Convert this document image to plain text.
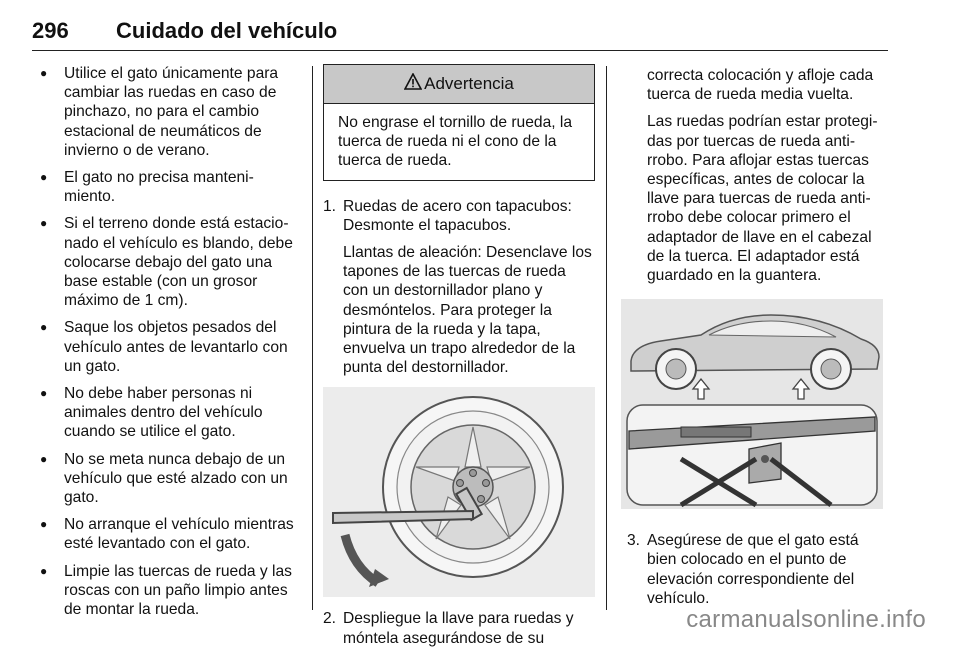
296 Cuidado del vehículo
● Utilice el gato únicamente para cambiar las ruedas en caso de pinchazo, no para el cambio estacional de neumáticos de invierno o de verano.
● El gato no precisa manteni-miento.
● Si el terreno donde está estacio-nado el vehículo es blando, debe colocarse debajo del gato una base estable (con un grosor máximo de 1 cm).
● Saque los objetos pesados del vehículo antes de levantarlo con un gato.
● No debe haber personas ni animales dentro del vehículo cuando se utilice el gato.
● No se meta nunca debajo de un vehículo que esté alzado con un gato.
● No arranque el vehículo mientras esté levantado con el gato.
● Limpie las tuercas de rueda y las roscas con un paño limpio antes de montar la rueda.
Advertencia
No engrase el tornillo de rueda, la tuerca de rueda ni el cono de la tuerca de rueda.
1. Ruedas de acero con tapacubos: Desmonte el tapacubos.

Llantas de aleación: Desenclave los tapones de las tuercas de rueda con un destornillador plano y desmóntelos. Para proteger la pintura de la rueda y la tapa, envuelva un trapo alrededor de la punta del destornillador.

2. Despliegue la llave para ruedas y móntela asegurándose de su

correcta colocación y afloje cada tuerca de rueda media vuelta.

Las ruedas podrían estar protegi-das por tuercas de rueda anti-rrobo. Para aflojar estas tuercas específicas, antes de colocar la llave para tuercas de rueda anti-rrobo debe colocar primero el adaptador de llave en el cabezal de la tuerca. El adaptador está guardado en la guantera.

3. Asegúrese de que el gato está bien colocado en el punto de elevación correspondiente del vehículo.

carmanualsonline.info
